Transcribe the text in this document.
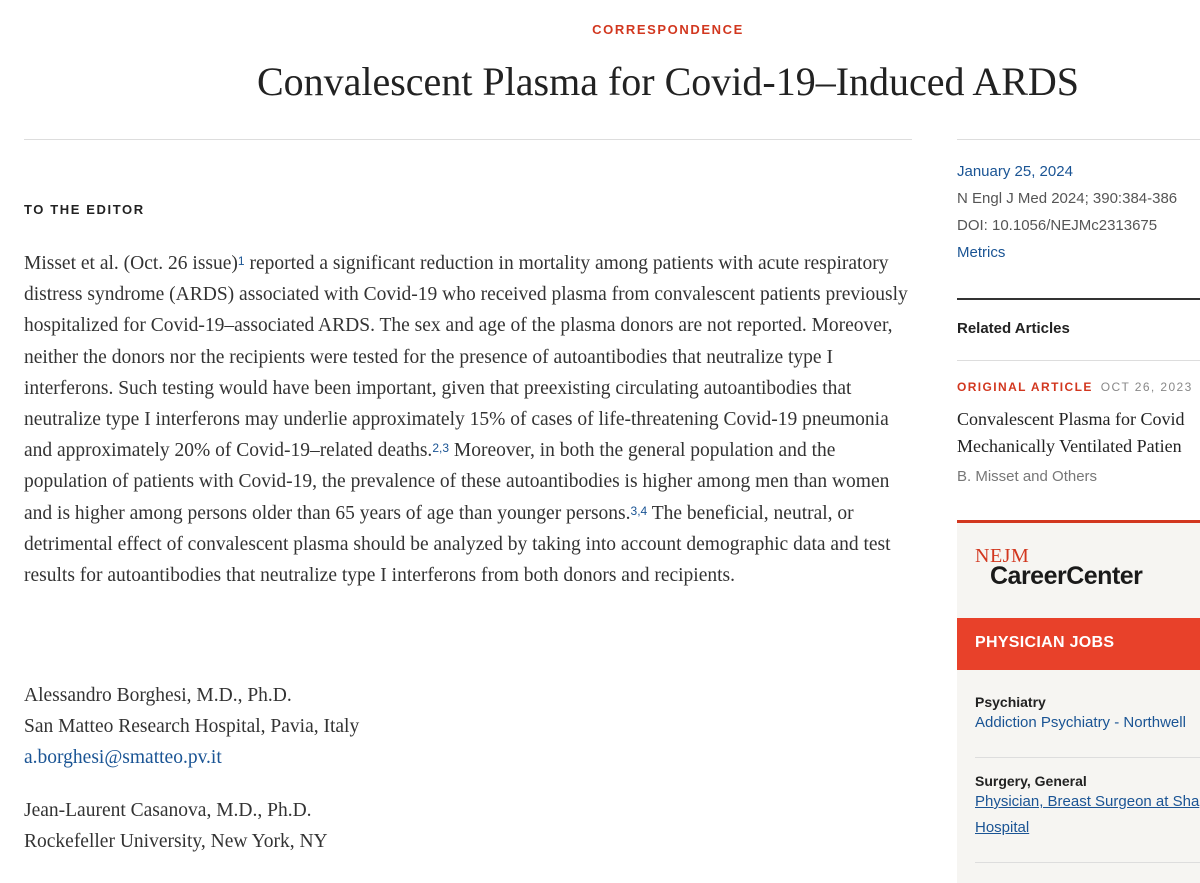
CORRESPONDENCE
Convalescent Plasma for Covid-19–Induced ARDS
TO THE EDITOR

Misset et al. (Oct. 26 issue)$^1$ reported a significant reduction in mortality among patients with acute respiratory distress syndrome (ARDS) associated with Covid-19 who received plasma from convalescent patients previously hospitalized for Covid-19–associated ARDS. The sex and age of the plasma donors are not reported. Moreover, neither the donors nor the recipients were tested for the presence of autoantibodies that neutralize type I interferons. Such testing would have been important, given that preexisting circulating autoantibodies that neutralize type I interferons may underlie approximately 15% of cases of life-threatening Covid-19 pneumonia and approximately 20% of Covid-19–related deaths.$^{2,3}$ Moreover, in both the general population and the population of patients with Covid-19, the prevalence of these autoantibodies is higher among men than women and is higher among persons older than 65 years of age than younger persons.$^{3,4}$ The beneficial, neutral, or detrimental effect of convalescent plasma should be analyzed by taking into account demographic data and test results for autoantibodies that neutralize type I interferons from both donors and recipients.

Alessandro Borghesi, M.D., Ph.D.
San Matteo Research Hospital, Pavia, Italy
a.borghesi@smatteo.pv.it
Jean-Laurent Casanova, M.D., Ph.D.
Rockefeller University, New York, NY
January 25, 2024
N Engl J Med 2024; 390:384-386
DOI: 10.1056/NEJMc2313675
Metrics
Related Articles
ORIGINAL ARTICLE OCT 26, 2023
Convalescent Plasma for Covid
Mechanically Ventilated Patien
B. Misset and Others
NEJM
CareerCenter
PHYSICIAN JOBS
Psychiatry
Addiction Psychiatry - Northwell
Surgery, General
Physician, Breast Surgeon at Sha
Hospital
